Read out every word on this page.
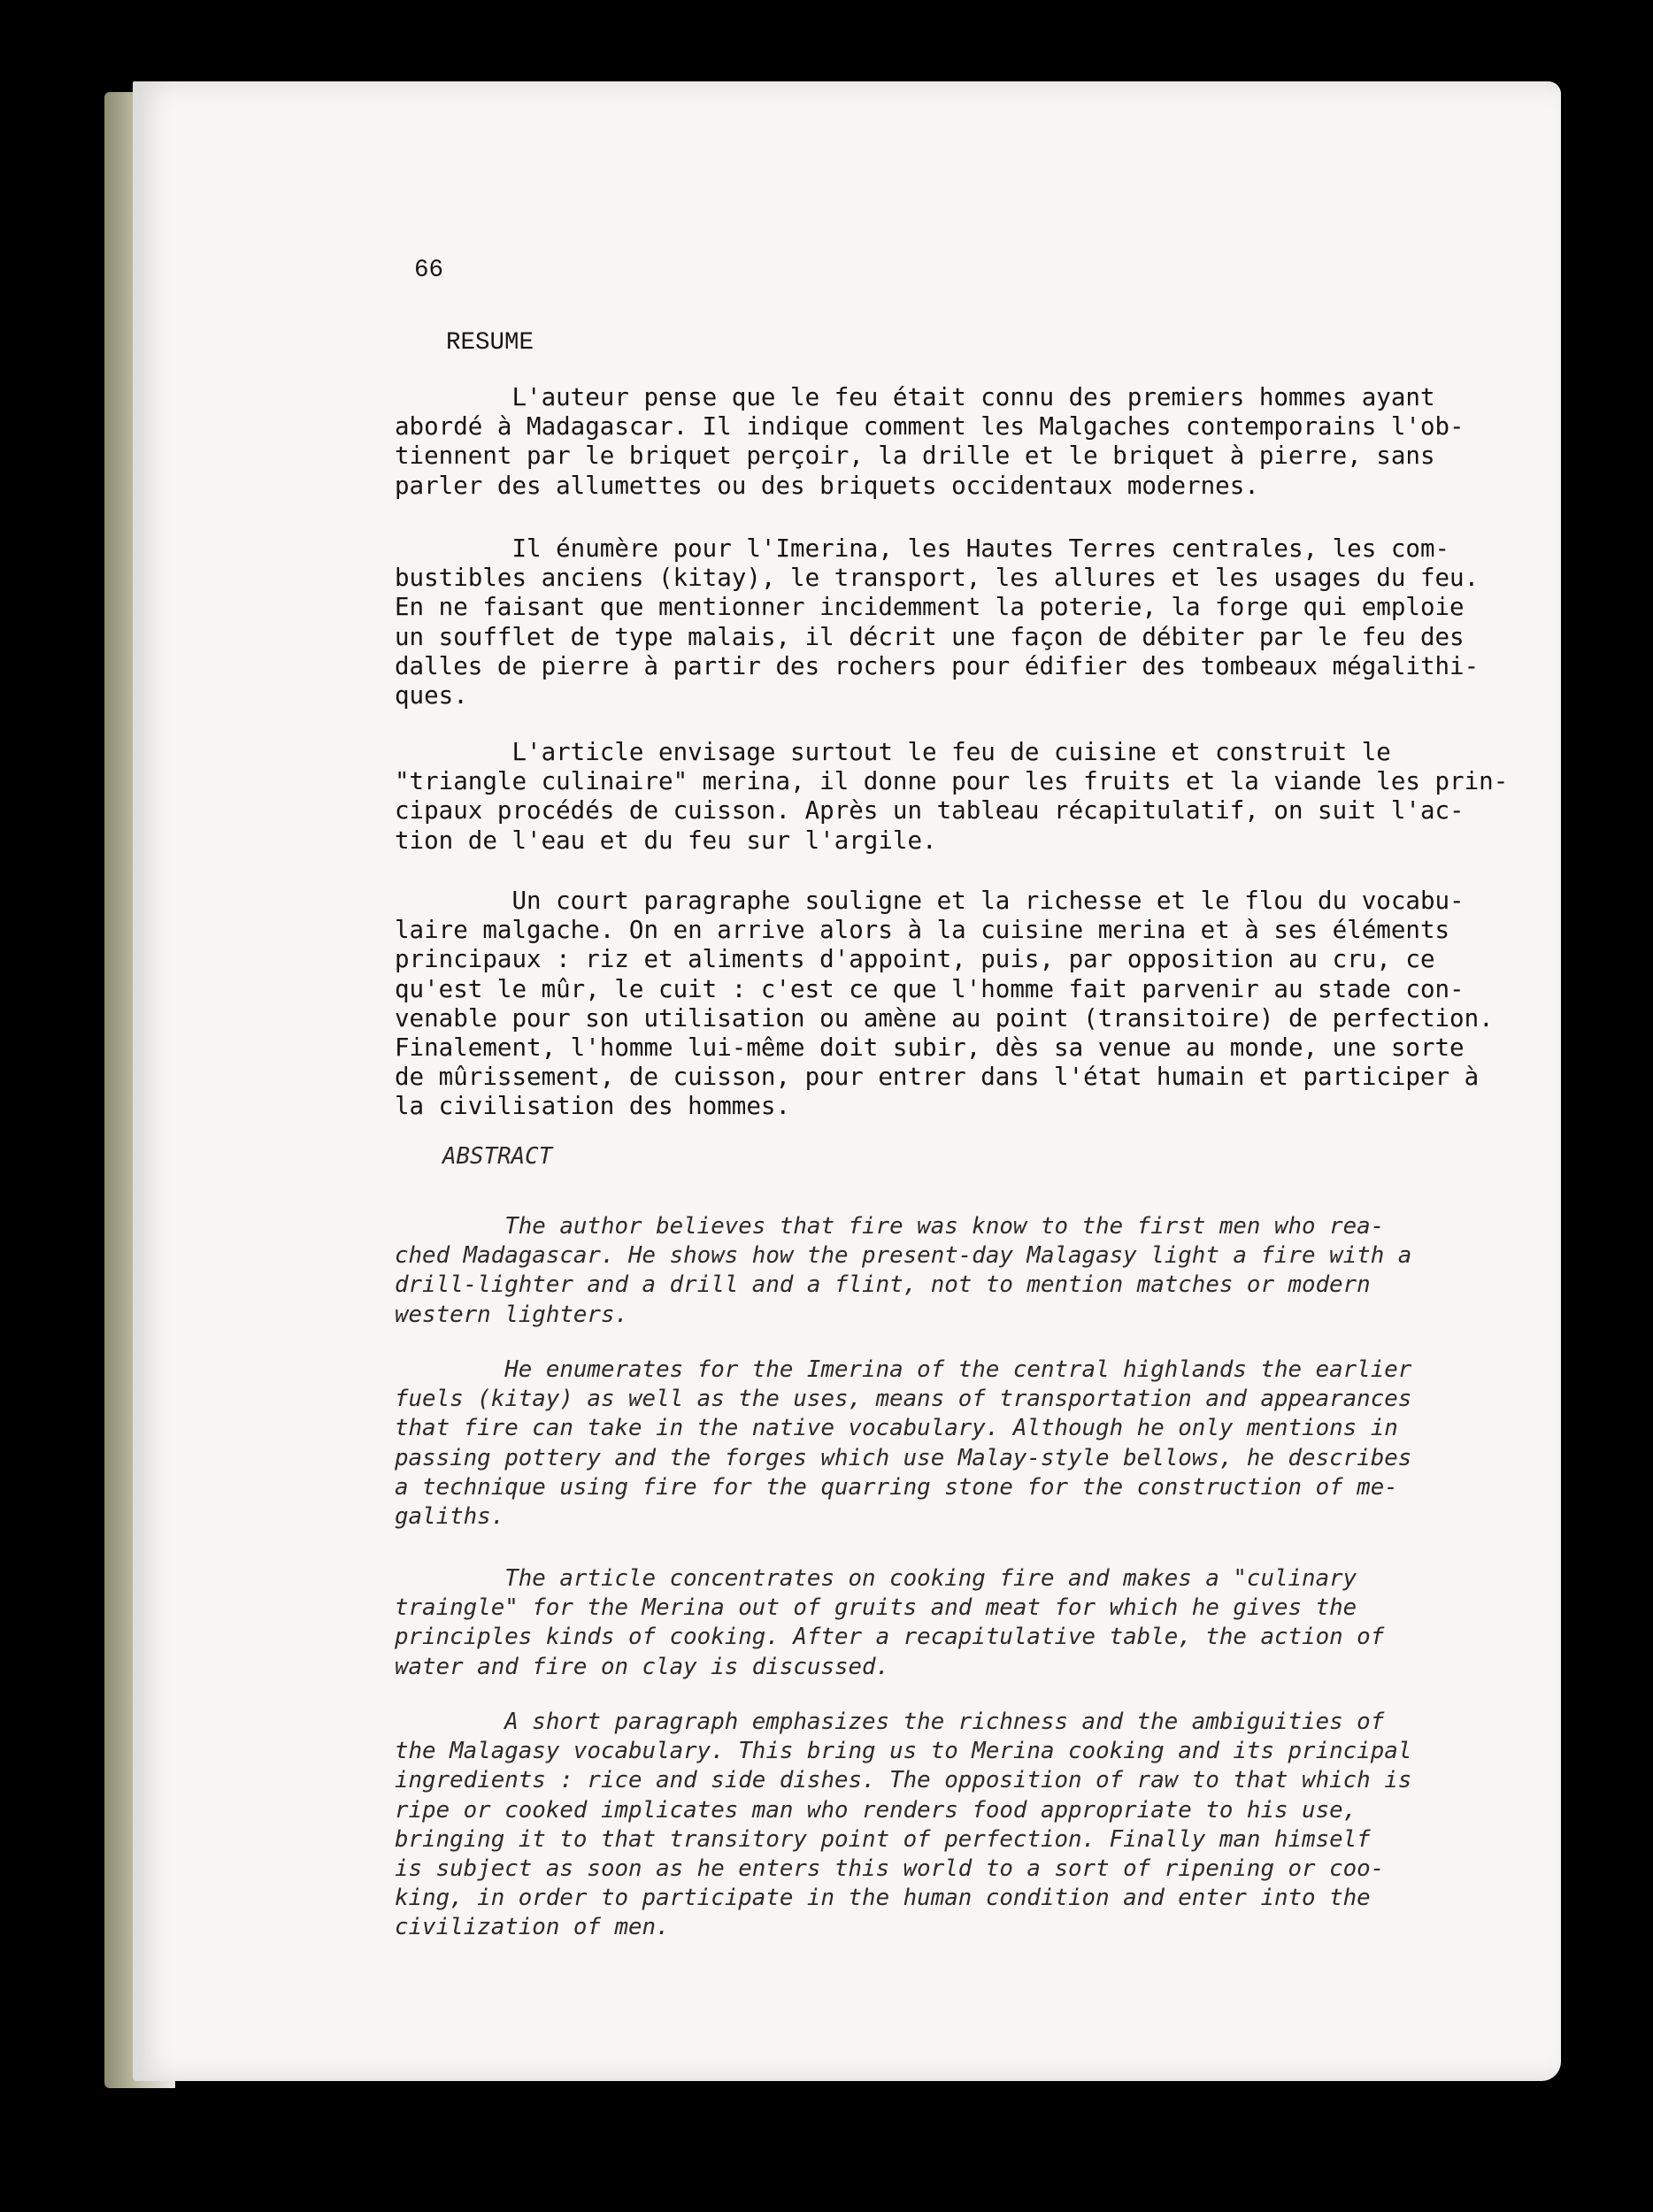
66

RESUME

L'auteur pense que le feu était connu des premiers hommes ayant
abordé à Madagascar. Il indique comment les Malgaches contemporains l'ob-
tiennent par le briquet perçoir, la drille et le briquet à pierre, sans
parler des allumettes ou des briquets occidentaux modernes.
Il énumère pour l'Imerina, les Hautes Terres centrales, les com-
bustibles anciens (kitay), le transport, les allures et les usages du feu.
En ne faisant que mentionner incidemment la poterie, la forge qui emploie
un soufflet de type malais, il décrit une façon de débiter par le feu des
dalles de pierre à partir des rochers pour édifier des tombeaux mégalithi-
ques.
L'article envisage surtout le feu de cuisine et construit le
"triangle culinaire" merina, il donne pour les fruits et la viande les prin-
cipaux procédés de cuisson. Après un tableau récapitulatif, on suit l'ac-
tion de l'eau et du feu sur l'argile.
Un court paragraphe souligne et la richesse et le flou du vocabu-
laire malgache. On en arrive alors à la cuisine merina et à ses éléments
principaux : riz et aliments d'appoint, puis, par opposition au cru, ce
qu'est le mûr, le cuit : c'est ce que l'homme fait parvenir au stade con-
venable pour son utilisation ou amène au point (transitoire) de perfection.
Finalement, l'homme lui-même doit subir, dès sa venue au monde, une sorte
de mûrissement, de cuisson, pour entrer dans l'état humain et participer à
la civilisation des hommes.

ABSTRACT

The author believes that fire was know to the first men who rea-
ched Madagascar. He shows how the present-day Malagasy light a fire with a
drill-lighter and a drill and a flint, not to mention matches or modern
western lighters.
He enumerates for the Imerina of the central highlands the earlier
fuels (kitay) as well as the uses, means of transportation and appearances
that fire can take in the native vocabulary. Although he only mentions in
passing pottery and the forges which use Malay-style bellows, he describes
a technique using fire for the quarring stone for the construction of me-
galiths.
The article concentrates on cooking fire and makes a "culinary
traingle" for the Merina out of gruits and meat for which he gives the
principles kinds of cooking. After a recapitulative table, the action of
water and fire on clay is discussed.
A short paragraph emphasizes the richness and the ambiguities of
the Malagasy vocabulary. This bring us to Merina cooking and its principal
ingredients : rice and side dishes. The opposition of raw to that which is
ripe or cooked implicates man who renders food appropriate to his use,
bringing it to that transitory point of perfection. Finally man himself
is subject as soon as he enters this world to a sort of ripening or coo-
king, in order to participate in the human condition and enter into the
civilization of men.
